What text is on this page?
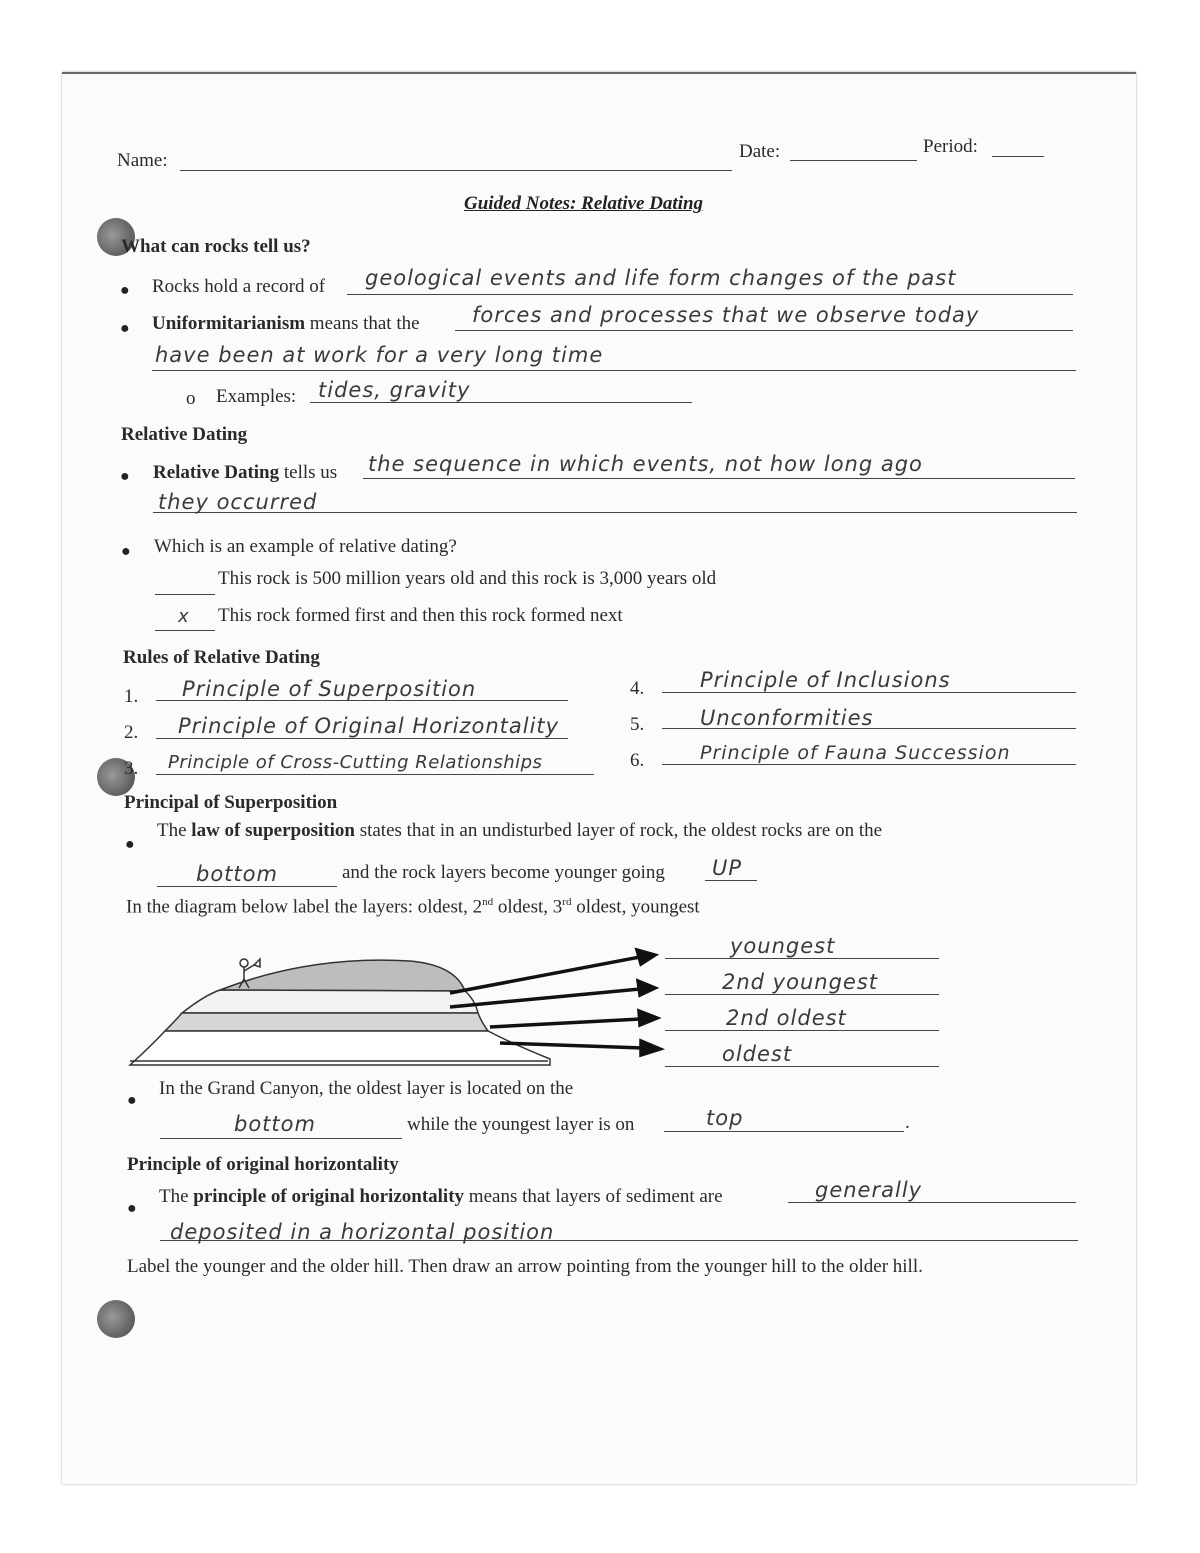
Name:	Date:	Period:
Guided Notes: Relative Dating
What can rocks tell us?
● Rocks hold a record of geological events and life form changes of the past
● Uniformitarianism means that the forces and processes that we observe today
have been at work for a very long time
o Examples: tides, gravity
Relative Dating
● Relative Dating tells us the sequence in which events, not how long ago
they occurred
● Which is an example of relative dating?
This rock is 500 million years old and this rock is 3,000 years old
x This rock formed first and then this rock formed next
Rules of Relative Dating
1. Principle of Superposition
2. Principle of Original Horizontality
3. Principle of Cross-Cutting Relationships
4.	Principle of Inclusions
5.	Unconformities
6.	Principle of Fauna Succession
Principal of Superposition
●
The law of superposition states that in an undisturbed layer of rock, the oldest rocks are on the
bottom	and the rock layers become younger going UP
In the diagram below label the layers: oldest, 2nd oldest, 3rd oldest, youngest
youngest
2nd youngest
2nd oldest
oldest
●
In the Grand Canyon, the oldest layer is located on the
bottom	while the youngest layer is on	top	.
Principle of original horizontality
●
The principle of original horizontality means that layers of sediment are	generally
deposited in a horizontal position
Label the younger and the older hill. Then draw an arrow pointing from the younger hill to the older hill.
